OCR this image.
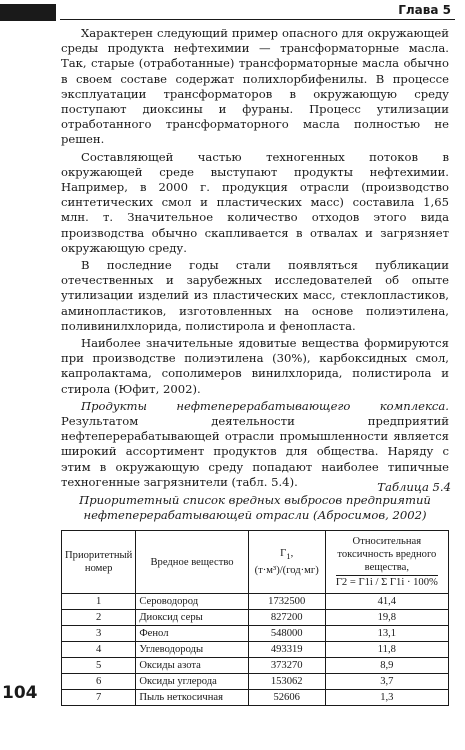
Глава 5

Характерен следующий пример опасного для окружающей среды продукта нефтехимии — трансформаторные масла. Так, старые (отработанные) трансформаторные масла обычно в своем составе содержат полихлорбифенилы. В процессе эксплуатации трансформаторов в окружающую среду поступают диоксины и фураны. Процесс утилизации отработанного трансформаторного масла полностью не решен.

Составляющей частью техногенных потоков в окружающей среде выступают продукты нефтехимии. Например, в 2000 г. продукция отрасли (производство синтетических смол и пластических масс) составила 1,65 млн. т. Значительное количество отходов этого вида производства обычно скапливается в отвалах и загрязняет окружающую среду.

В последние годы стали появляться публикации отечественных и зарубежных исследователей об опыте утилизации изделий из пластических масс, стеклопластиков, аминопластиков, изготовленных на основе полиэтилена, поливинилхлорида, полистирола и фенопласта.

Наиболее значительные ядовитые вещества формируются при производстве полиэтилена (30%), карбоксидных смол, капролактама, сополимеров винилхлорида, полистирола и стирола (Юфит, 2002).

Продукты нефтеперерабатывающего комплекса. Результатом деятельности предприятий нефтеперерабатывающей отрасли промышленности является широкий ассортимент продуктов для общества. Наряду с этим в окружающую среду попадают наиболее типичные техногенные загрязнители (табл. 5.4).	Таблица 5.4
Приоритетный список вредных выбросов предприятий нефтеперерабатывающей отрасли (Абросимов, 2002)
Приоритетный номер	Вредное вещество	$Г_1$,
(т·м³)/(год·мг)	Относительная токсичность вредного вещества,
Г2 = Г1i / Σ Г1i · 100%
1	Сероводород	1732500	41,4
2	Диоксид серы	827200	19,8
3	Фенол	548000	13,1
4	Углеводороды	493319	11,8
5	Оксиды азота	373270	8,9
6	Оксиды углерода	153062	3,7
7	Пыль неткосичная	52606	1,3
104
